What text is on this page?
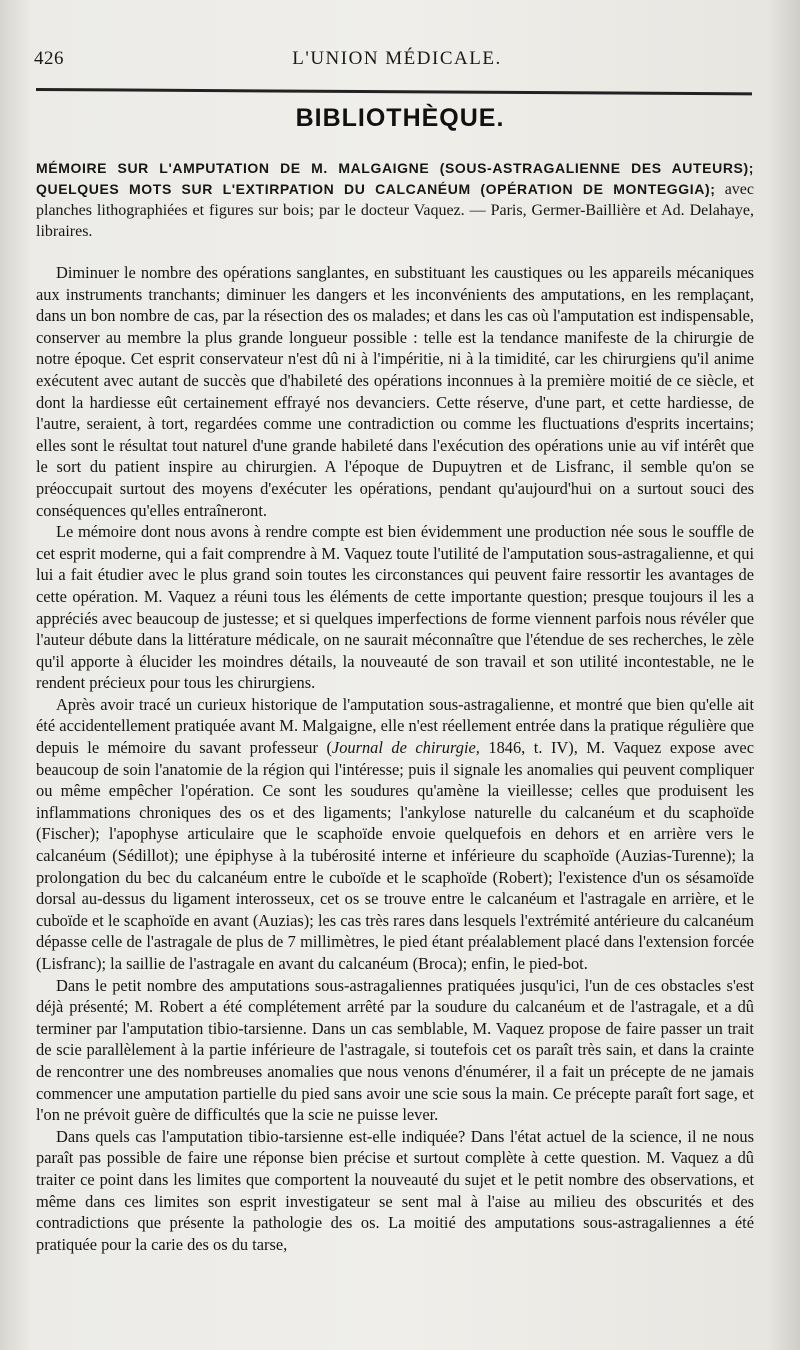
426	L'UNION MÉDICALE.
BIBLIOTHÈQUE.
MÉMOIRE SUR L'AMPUTATION DE M. MALGAIGNE (SOUS-ASTRAGALIENNE DES AUTEURS); QUELQUES MOTS SUR L'EXTIRPATION DU CALCANÉUM (OPÉRATION DE MONTEGGIA); avec planches lithographiées et figures sur bois; par le docteur Vaquez. — Paris, Germer-Baillière et Ad. Delahaye, libraires.

Diminuer le nombre des opérations sanglantes, en substituant les caustiques ou les appareils mécaniques aux instruments tranchants; diminuer les dangers et les inconvénients des amputations, en les remplaçant, dans un bon nombre de cas, par la résection des os malades; et dans les cas où l'amputation est indispensable, conserver au membre la plus grande longueur possible : telle est la tendance manifeste de la chirurgie de notre époque. Cet esprit conservateur n'est dû ni à l'impéritie, ni à la timidité, car les chirurgiens qu'il anime exécutent avec autant de succès que d'habileté des opérations inconnues à la première moitié de ce siècle, et dont la hardiesse eût certainement effrayé nos devanciers. Cette réserve, d'une part, et cette hardiesse, de l'autre, seraient, à tort, regardées comme une contradiction ou comme les fluctuations d'esprits incertains; elles sont le résultat tout naturel d'une grande habileté dans l'exécution des opérations unie au vif intérêt que le sort du patient inspire au chirurgien. A l'époque de Dupuytren et de Lisfranc, il semble qu'on se préoccupait surtout des moyens d'exécuter les opérations, pendant qu'aujourd'hui on a surtout souci des conséquences qu'elles entraîneront.

Le mémoire dont nous avons à rendre compte est bien évidemment une production née sous le souffle de cet esprit moderne, qui a fait comprendre à M. Vaquez toute l'utilité de l'amputation sous-astragalienne, et qui lui a fait étudier avec le plus grand soin toutes les circonstances qui peuvent faire ressortir les avantages de cette opération. M. Vaquez a réuni tous les éléments de cette importante question; presque toujours il les a appréciés avec beaucoup de justesse; et si quelques imperfections de forme viennent parfois nous révéler que l'auteur débute dans la littérature médicale, on ne saurait méconnaître que l'étendue de ses recherches, le zèle qu'il apporte à élucider les moindres détails, la nouveauté de son travail et son utilité incontestable, ne le rendent précieux pour tous les chirurgiens.

Après avoir tracé un curieux historique de l'amputation sous-astragalienne, et montré que bien qu'elle ait été accidentellement pratiquée avant M. Malgaigne, elle n'est réellement entrée dans la pratique régulière que depuis le mémoire du savant professeur (Journal de chirurgie, 1846, t. IV), M. Vaquez expose avec beaucoup de soin l'anatomie de la région qui l'intéresse; puis il signale les anomalies qui peuvent compliquer ou même empêcher l'opération. Ce sont les soudures qu'amène la vieillesse; celles que produisent les inflammations chroniques des os et des ligaments; l'ankylose naturelle du calcanéum et du scaphoïde (Fischer); l'apophyse articulaire que le scaphoïde envoie quelquefois en dehors et en arrière vers le calcanéum (Sédillot); une épiphyse à la tubérosité interne et inférieure du scaphoïde (Auzias-Turenne); la prolongation du bec du calcanéum entre le cuboïde et le scaphoïde (Robert); l'existence d'un os sésamoïde dorsal au-dessus du ligament interosseux, cet os se trouve entre le calcanéum et l'astragale en arrière, et le cuboïde et le scaphoïde en avant (Auzias); les cas très rares dans lesquels l'extrémité antérieure du calcanéum dépasse celle de l'astragale de plus de 7 millimètres, le pied étant préalablement placé dans l'extension forcée (Lisfranc); la saillie de l'astragale en avant du calcanéum (Broca); enfin, le pied-bot.

Dans le petit nombre des amputations sous-astragaliennes pratiquées jusqu'ici, l'un de ces obstacles s'est déjà présenté; M. Robert a été complétement arrêté par la soudure du calcanéum et de l'astragale, et a dû terminer par l'amputation tibio-tarsienne. Dans un cas semblable, M. Vaquez propose de faire passer un trait de scie parallèlement à la partie inférieure de l'astragale, si toutefois cet os paraît très sain, et dans la crainte de rencontrer une des nombreuses anomalies que nous venons d'énumérer, il a fait un précepte de ne jamais commencer une amputation partielle du pied sans avoir une scie sous la main. Ce précepte paraît fort sage, et l'on ne prévoit guère de difficultés que la scie ne puisse lever.

Dans quels cas l'amputation tibio-tarsienne est-elle indiquée? Dans l'état actuel de la science, il ne nous paraît pas possible de faire une réponse bien précise et surtout complète à cette question. M. Vaquez a dû traiter ce point dans les limites que comportent la nouveauté du sujet et le petit nombre des observations, et même dans ces limites son esprit investigateur se sent mal à l'aise au milieu des obscurités et des contradictions que présente la pathologie des os. La moitié des amputations sous-astragaliennes a été pratiquée pour la carie des os du tarse,
